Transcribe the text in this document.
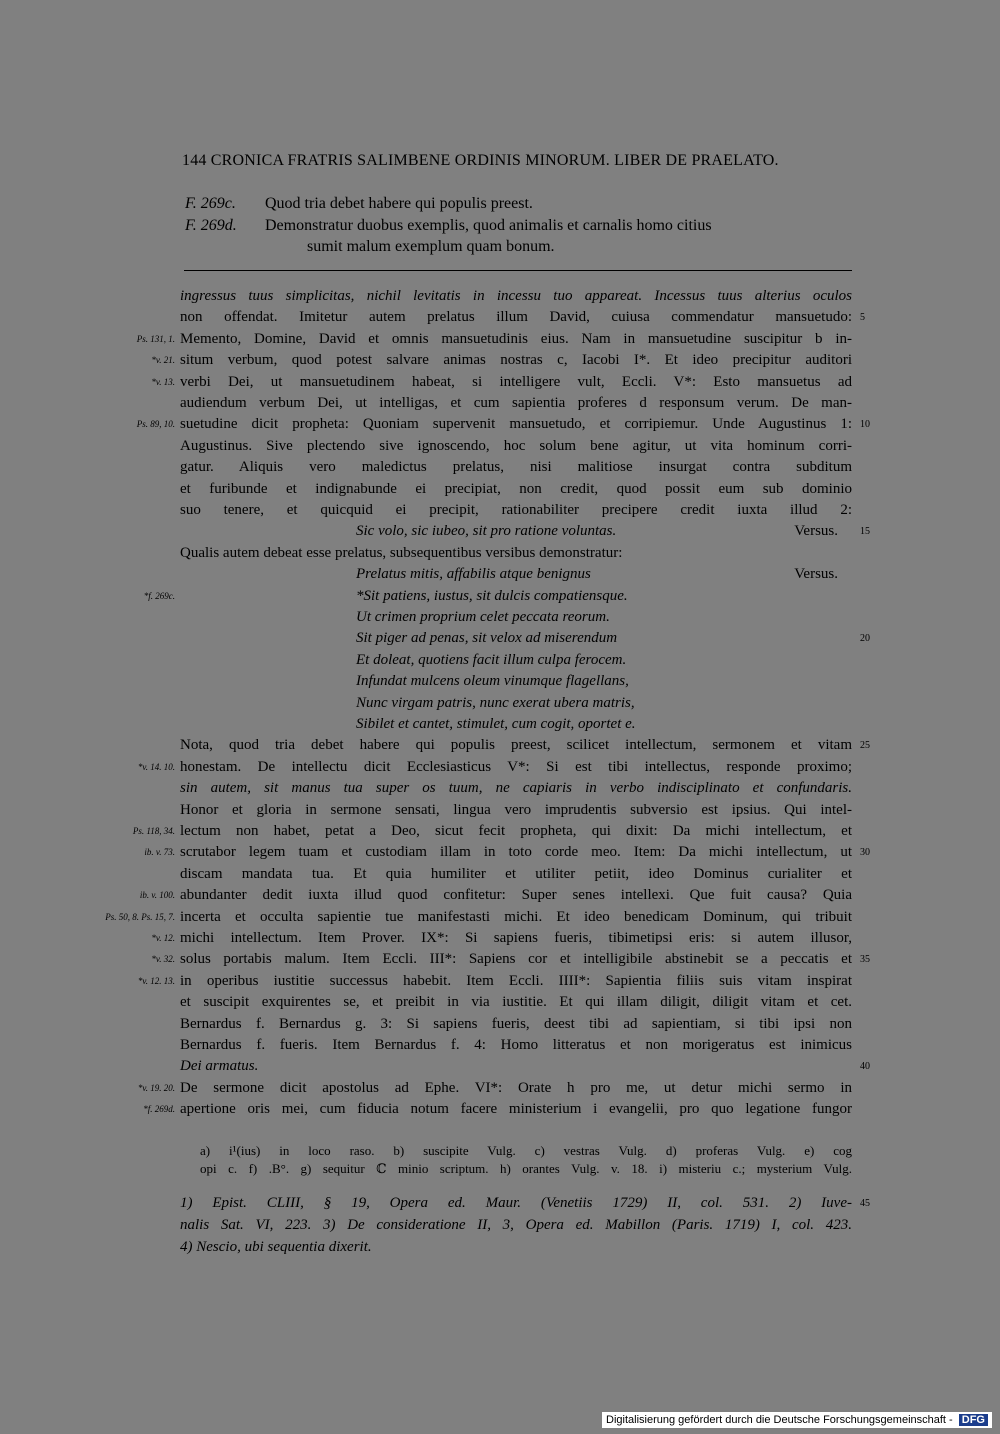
144 CRONICA FRATRIS SALIMBENE ORDINIS MINORUM. LIBER DE PRAELATO.
F. 269c. Quod tria debet habere qui populis preest.
F. 269d. Demonstratur duobus exemplis, quod animalis et carnalis homo citius
sumit malum exemplum quam bonum.
ingressus tuus simplicitas, nichil levitatis in incessu tuo appareat. Incessus tuus alterius oculos
non offendat. Imitetur autem prelatus illum David, cuiusa commendatur mansuetudo:
Memento, Domine, David et omnis mansuetudinis eius. Nam in mansuetudine suscipitur b in-
situm verbum, quod potest salvare animas nostras c, Iacobi I*. Et ideo precipitur auditori
verbi Dei, ut mansuetudinem habeat, si intelligere vult, Eccli. V*: Esto mansuetus ad
audiendum verbum Dei, ut intelligas, et cum sapientia proferes d responsum verum. De man-
suetudine dicit propheta: Quoniam supervenit mansuetudo, et corripiemur. Unde Augustinus 1:
Augustinus. Sive plectendo sive ignoscendo, hoc solum bene agitur, ut vita hominum corri-
gatur. Aliquis vero maledictus prelatus, nisi malitiose insurgat contra subditum
et furibunde et indignabunde ei precipiat, non credit, quod possit eum sub dominio
suo tenere, et quicquid ei precipit, rationabiliter precipere credit iuxta illud 2:
Sic volo, sic iubeo, sit pro ratione voluntas.	Versus.
Qualis autem debeat esse prelatus, subsequentibus versibus demonstratur:
Prelatus mitis, affabilis atque benignus	Versus.
*Sit patiens, iustus, sit dulcis compatiensque.
Ut crimen proprium celet peccata reorum.
Sit piger ad penas, sit velox ad miserendum
Et doleat, quotiens facit illum culpa ferocem.
Infundat mulcens oleum vinumque flagellans,
Nunc virgam patris, nunc exerat ubera matris,
Sibilet et cantet, stimulet, cum cogit, oportet e.
Nota, quod tria debet habere qui populis preest, scilicet intellectum, sermonem et vitam
honestam. De intellectu dicit Ecclesiasticus V*: Si est tibi intellectus, responde proximo;
sin autem, sit manus tua super os tuum, ne capiaris in verbo indisciplinato et confundaris.
Honor et gloria in sermone sensati, lingua vero imprudentis subversio est ipsius. Qui intel-
lectum non habet, petat a Deo, sicut fecit propheta, qui dixit: Da michi intellectum, et
scrutabor legem tuam et custodiam illam in toto corde meo. Item: Da michi intellectum, ut
discam mandata tua. Et quia humiliter et utiliter petiit, ideo Dominus curialiter et
abundanter dedit iuxta illud quod confitetur: Super senes intellexi. Que fuit causa? Quia
incerta et occulta sapientie tue manifestasti michi. Et ideo benedicam Dominum, qui tribuit
michi intellectum. Item Prover. IX*: Si sapiens fueris, tibimetipsi eris: si autem illusor,
solus portabis malum. Item Eccli. III*: Sapiens cor et intelligibile abstinebit se a peccatis et
in operibus iustitie successus habebit. Item Eccli. IIII*: Sapientia filiis suis vitam inspirat
et suscipit exquirentes se, et preibit in via iustitie. Et qui illam diligit, diligit vitam et cet.
Bernardus f. Bernardus g. 3: Si sapiens fueris, deest tibi ad sapientiam, si tibi ipsi non
Bernardus f. fueris. Item Bernardus f. 4: Homo litteratus et non morigeratus est inimicus
Dei armatus.
De sermone dicit apostolus ad Ephe. VI*: Orate h pro me, ut detur michi sermo in
apertione oris mei, cum fiducia notum facere ministerium i evangelii, pro quo legatione fungor
5
Ps. 131, 1.
*v. 21.
*v. 13.
10
Ps. 89, 10.
15
*f. 269c.
20
25
*v. 14. 10.
Ps. 118, 34.
30
ib. v. 73.
ib. v. 100.
Ps. 50, 8. Ps. 15, 7.
*v. 12.
35
*v. 32.
*v. 12. 13.
40
*v. 19. 20.
*f. 269d.
a) i¹(ius) in loco raso. b) suscipite Vulg. c) vestras Vulg. d) proferas Vulg. e) cog
opi c. f) .B°. g) sequitur ℂ minio scriptum. h) orantes Vulg. v. 18. i) misteriu c.; mysterium Vulg.
1) Epist. CLIII, § 19, Opera ed. Maur. (Venetiis 1729) II, col. 531. 2) Iuve-
nalis Sat. VI, 223. 3) De consideratione II, 3, Opera ed. Mabillon (Paris. 1719) I, col. 423.
4) Nescio, ubi sequentia dixerit.
45
Digitalisierung gefördert durch die Deutsche Forschungsgemeinschaft - DFG
